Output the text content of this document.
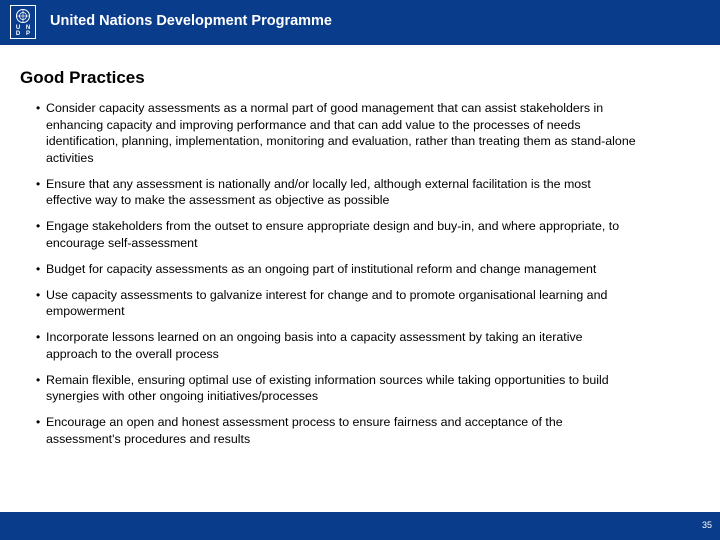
U N
D P
United Nations Development Programme
Good Practices
• Consider capacity assessments as a normal part of good management that can assist stakeholders in enhancing capacity and improving performance and that can add value to the processes of needs identification, planning, implementation, monitoring and evaluation, rather than treating them as stand-alone activities
• Ensure that any assessment is nationally and/or locally led, although external facilitation is the most effective way to make the assessment as objective as possible
• Engage stakeholders from the outset to ensure appropriate design and buy-in, and where appropriate, to encourage self-assessment
• Budget for capacity assessments as an ongoing part of institutional reform and change management
• Use capacity assessments to galvanize interest for change and to promote organisational learning and empowerment
• Incorporate lessons learned on an ongoing basis into a capacity assessment by taking an iterative approach to the overall process
• Remain flexible, ensuring optimal use of existing information sources while taking opportunities to build synergies with other ongoing initiatives/processes
• Encourage an open and honest assessment process to ensure fairness and acceptance of the assessment's procedures and results
35
